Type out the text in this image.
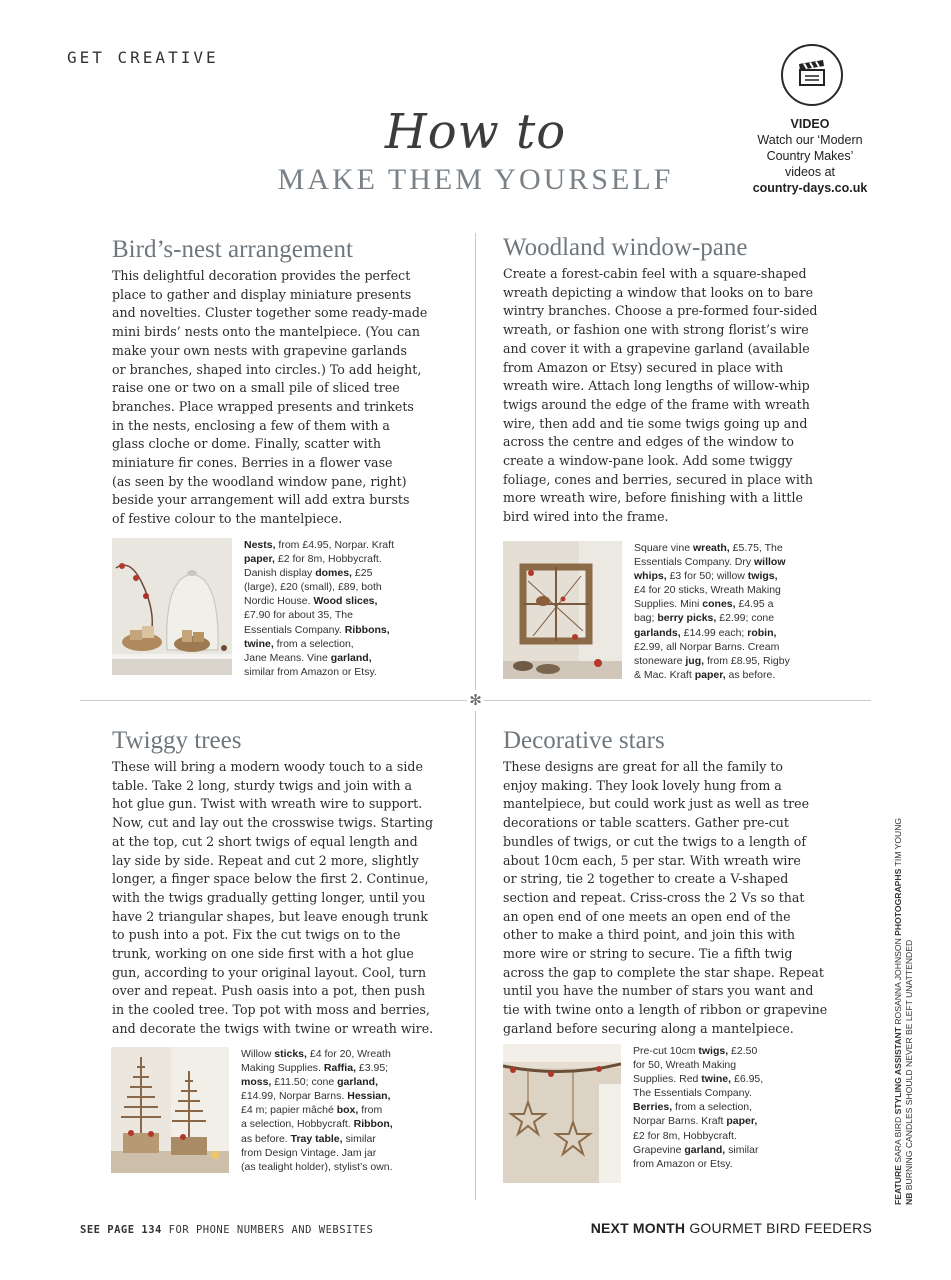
GET CREATIVE
How to
MAKE THEM YOURSELF
VIDEO
Watch our ‘Modern
Country Makes’
videos at
country-days.co.uk
✻
Bird’s-nest arrangement

This delightful decoration provides the perfect
place to gather and display miniature presents
and novelties. Cluster together some ready-made
mini birds’ nests onto the mantelpiece. (You can
make your own nests with grapevine garlands
or branches, shaped into circles.) To add height,
raise one or two on a small pile of sliced tree
branches. Place wrapped presents and trinkets
in the nests, enclosing a few of them with a
glass cloche or dome. Finally, scatter with
miniature fir cones. Berries in a flower vase
(as seen by the woodland window pane, right)
beside your arrangement will add extra bursts
of festive colour to the mantelpiece.

Nests, from £4.95, Norpar. Kraft
paper, £2 for 8m, Hobbycraft.
Danish display domes, £25
(large), £20 (small), £89, both
Nordic House. Wood slices,
£7.90 for about 35, The
Essentials Company. Ribbons,
twine, from a selection,
Jane Means. Vine garland,
similar from Amazon or Etsy.
Woodland window-pane

Create a forest-cabin feel with a square-shaped
wreath depicting a window that looks on to bare
wintry branches. Choose a pre-formed four-sided
wreath, or fashion one with strong florist’s wire
and cover it with a grapevine garland (available
from Amazon or Etsy) secured in place with
wreath wire. Attach long lengths of willow-whip
twigs around the edge of the frame with wreath
wire, then add and tie some twigs going up and
across the centre and edges of the window to
create a window-pane look. Add some twiggy
foliage, cones and berries, secured in place with
more wreath wire, before finishing with a little
bird wired into the frame.

Square vine wreath, £5.75, The
Essentials Company. Dry willow
whips, £3 for 50; willow twigs,
£4 for 20 sticks, Wreath Making
Supplies. Mini cones, £4.95 a
bag; berry picks, £2.99; cone
garlands, £14.99 each; robin,
£2.99, all Norpar Barns. Cream
stoneware jug, from £8.95, Rigby
& Mac. Kraft paper, as before.
Twiggy trees

These will bring a modern woody touch to a side
table. Take 2 long, sturdy twigs and join with a
hot glue gun. Twist with wreath wire to support.
Now, cut and lay out the crosswise twigs. Starting
at the top, cut 2 short twigs of equal length and
lay side by side. Repeat and cut 2 more, slightly
longer, a finger space below the first 2. Continue,
with the twigs gradually getting longer, until you
have 2 triangular shapes, but leave enough trunk
to push into a pot. Fix the cut twigs on to the
trunk, working on one side first with a hot glue
gun, according to your original layout. Cool, turn
over and repeat. Push oasis into a pot, then push
in the cooled tree. Top pot with moss and berries,
and decorate the twigs with twine or wreath wire.

Willow sticks, £4 for 20, Wreath
Making Supplies. Raffia, £3.95;
moss, £11.50; cone garland,
£14.99, Norpar Barns. Hessian,
£4 m; papier mâché box, from
a selection, Hobbycraft. Ribbon,
as before. Tray table, similar
from Design Vintage. Jam jar
(as tealight holder), stylist’s own.
Decorative stars

These designs are great for all the family to
enjoy making. They look lovely hung from a
mantelpiece, but could work just as well as tree
decorations or table scatters. Gather pre-cut
bundles of twigs, or cut the twigs to a length of
about 10cm each, 5 per star. With wreath wire
or string, tie 2 together to create a V-shaped
section and repeat. Criss-cross the 2 Vs so that
an open end of one meets an open end of the
other to make a third point, and join this with
more wire or string to secure. Tie a fifth twig
across the gap to complete the star shape. Repeat
until you have the number of stars you want and
tie with twine onto a length of ribbon or grapevine
garland before securing along a mantelpiece.

Pre-cut 10cm twigs, £2.50
for 50, Wreath Making
Supplies. Red twine, £6.95,
The Essentials Company.
Berries, from a selection,
Norpar Barns. Kraft paper,
£2 for 8m, Hobbycraft.
Grapevine garland, similar
from Amazon or Etsy.
FEATURE SARA BIRD STYLING ASSISTANT ROSANNA JOHNSON PHOTOGRAPHS TIM YOUNG
NB BURNING CANDLES SHOULD NEVER BE LEFT UNATTENDED
SEE PAGE 134 FOR PHONE NUMBERS AND WEBSITES	NEXT MONTH GOURMET BIRD FEEDERS
